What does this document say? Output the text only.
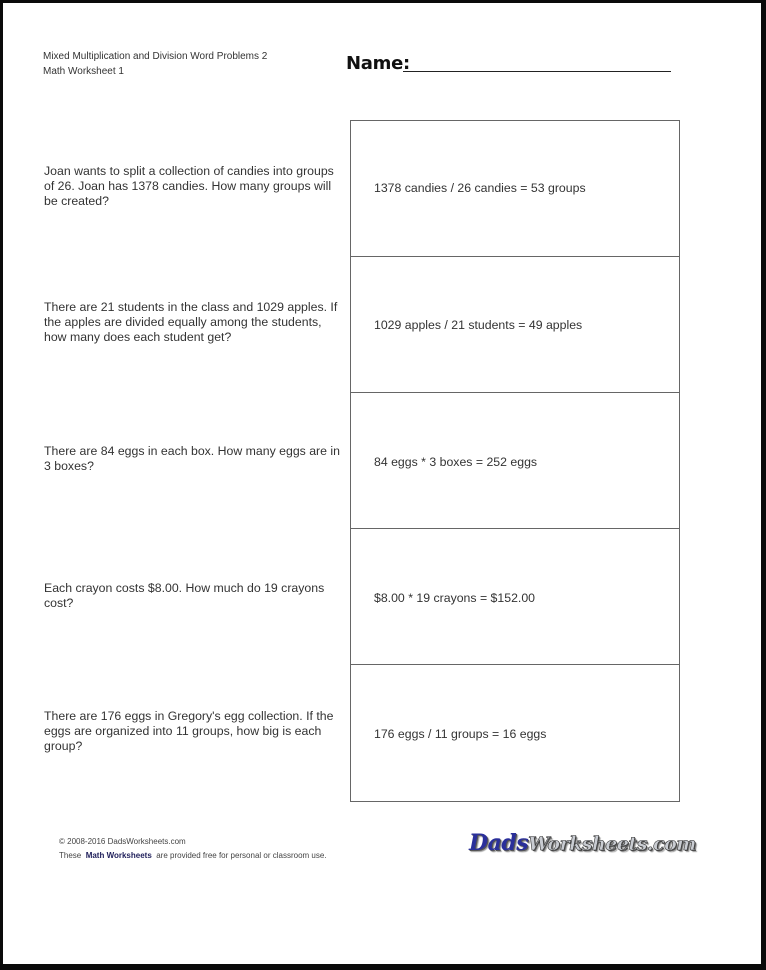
Mixed Multiplication and Division Word Problems 2
Math Worksheet 1	Name:
Joan wants to split a collection of candies into groups of 26. Joan has 1378 candies. How many groups will be created?
There are 21 students in the class and 1029 apples. If the apples are divided equally among the students, how many does each student get?
There are 84 eggs in each box. How many eggs are in 3 boxes?
Each crayon costs $8.00. How much do 19 crayons cost?
There are 176 eggs in Gregory's egg collection. If the eggs are organized into 11 groups, how big is each group?
1378 candies / 26 candies = 53 groups
1029 apples / 21 students = 49 apples
84 eggs * 3 boxes = 252 eggs
$8.00 * 19 crayons = $152.00
176 eggs / 11 groups = 16 eggs
© 2008-2016 DadsWorksheets.com
These Math Worksheets are provided free for personal or classroom use.	DadsWorksheets.com
